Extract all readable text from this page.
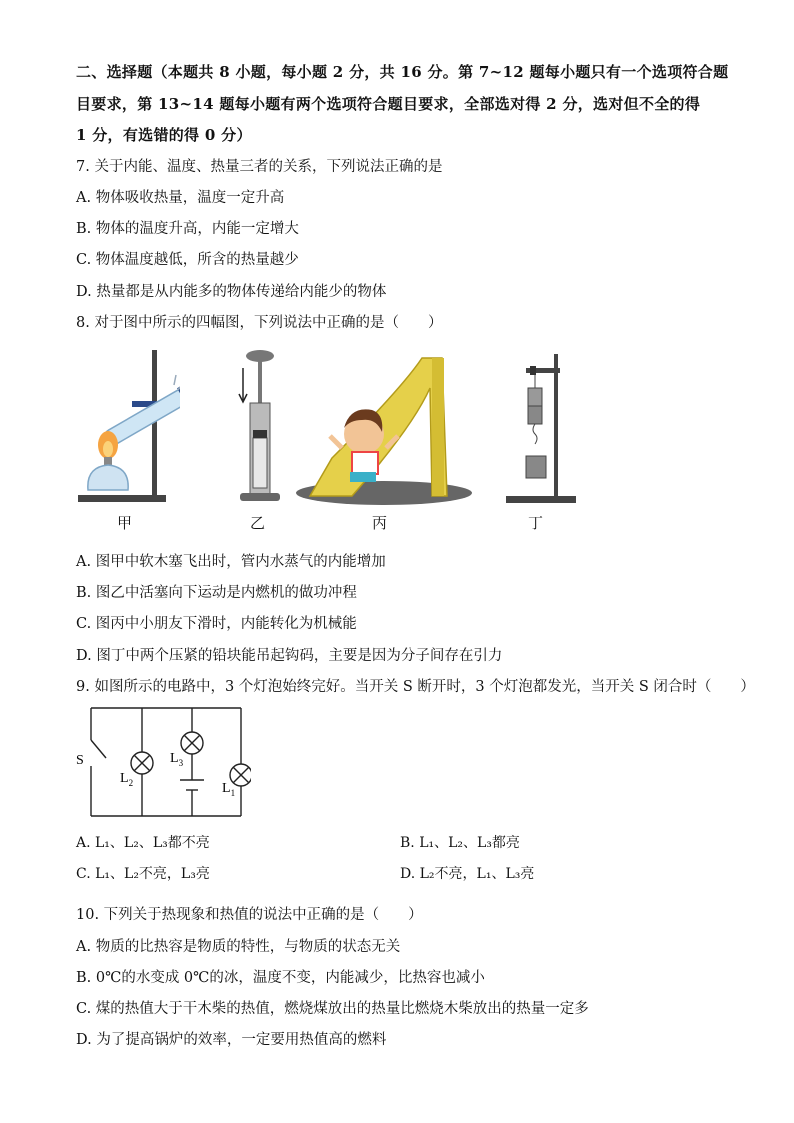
二、选择题（本题共 8 小题，每小题 2 分，共 16 分。第 7~12 题每小题只有一个选项符合题
目要求，第 13~14 题每小题有两个选项符合题目要求，全部选对得 2 分，选对但不全的得
1 分，有选错的得 0 分）
7. 关于内能、温度、热量三者的关系，下列说法正确的是
A. 物体吸收热量，温度一定升高
B. 物体的温度升高，内能一定增大
C. 物体温度越低，所含的热量越少
D. 热量都是从内能多的物体传递给内能少的物体
8. 对于图中所示的四幅图，下列说法中正确的是（　　）
甲	乙	丙	丁
A. 图甲中软木塞飞出时，管内水蒸气的内能增加
B. 图乙中活塞向下运动是内燃机的做功冲程
C. 图丙中小朋友下滑时，内能转化为机械能
D. 图丁中两个压紧的铅块能吊起钩码，主要是因为分子间存在引力
9. 如图所示的电路中，3 个灯泡始终完好。当开关 S 断开时，3 个灯泡都发光，当开关 S 闭合时（　　）
S
$L_2$
$L_3$
$L_1$
A. L₁、L₂、L₃都不亮	B. L₁、L₂、L₃都亮
C. L₁、L₂不亮，L₃亮	D. L₂不亮，L₁、L₃亮
10. 下列关于热现象和热值的说法中正确的是（　　）
A. 物质的比热容是物质的特性，与物质的状态无关
B. 0℃的水变成 0℃的冰，温度不变，内能减少，比热容也减小
C. 煤的热值大于干木柴的热值，燃烧煤放出的热量比燃烧木柴放出的热量一定多
D. 为了提高锅炉的效率，一定要用热值高的燃料
